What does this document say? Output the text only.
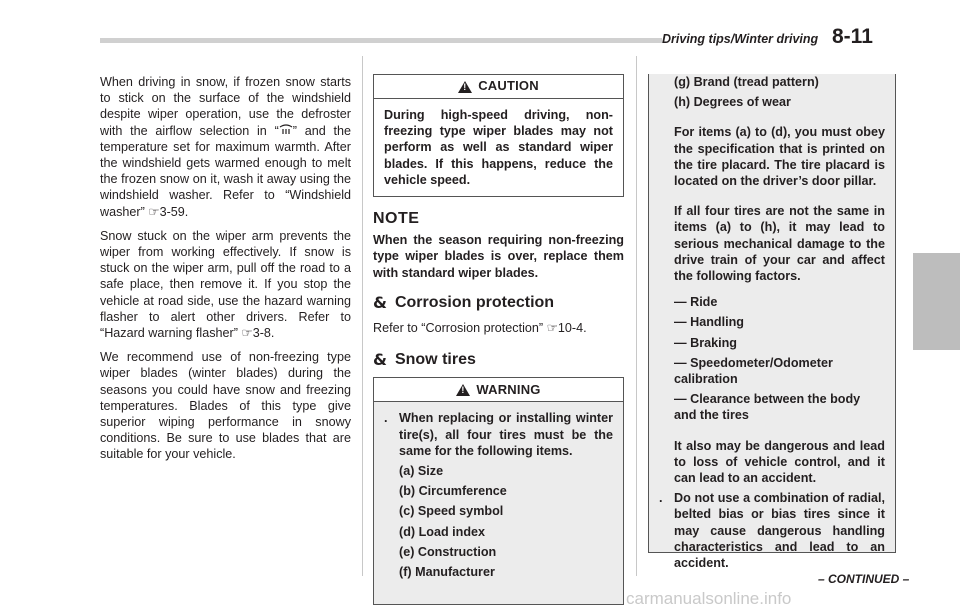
Driving tips/Winter driving 8-11

When driving in snow, if frozen snow starts to stick on the surface of the windshield despite wiper operation, use the defroster with the airflow selection in “ ” and the temperature set for maximum warmth. After the windshield gets warmed enough to melt the frozen snow on it, wash it away using the windshield washer. Refer to “Windshield washer” ☞3-59.

Snow stuck on the wiper arm prevents the wiper from working effectively. If snow is stuck on the wiper arm, pull off the road to a safe place, then remove it. If you stop the vehicle at road side, use the hazard warning flasher to alert other drivers. Refer to “Hazard warning flasher” ☞3-8.

We recommend use of non-freezing type wiper blades (winter blades) during the seasons you could have snow and freezing temperatures. Blades of this type give superior wiping performance in snowy conditions. Be sure to use blades that are suitable for your vehicle.

!
CAUTION
During high-speed driving, non-freezing type wiper blades may not perform as well as standard wiper blades. If this happens, reduce the vehicle speed.
NOTE
When the season requiring non-freezing type wiper blades is over, replace them with standard wiper blades.
& Corrosion protection
Refer to “Corrosion protection” ☞10-4.
& Snow tires
!
WARNING
. When replacing or installing winter tire(s), all four tires must be the same for the following items.
(a) Size
(b) Circumference
(c) Speed symbol
(d) Load index
(e) Construction
(f) Manufacturer
(g) Brand (tread pattern)
(h) Degrees of wear
For items (a) to (d), you must obey the specification that is printed on the tire placard. The tire placard is located on the driver’s door pillar.
If all four tires are not the same in items (a) to (h), it may lead to serious mechanical damage to the drive train of your car and affect the following factors.
— Ride
— Handling
— Braking
— Speedometer/Odometer calibration
— Clearance between the body and the tires
It also may be dangerous and lead to loss of vehicle control, and it can lead to an accident.
. Do not use a combination of radial, belted bias or bias tires since it may cause dangerous handling characteristics and lead to an accident.
– CONTINUED –
carmanualsonline.info
